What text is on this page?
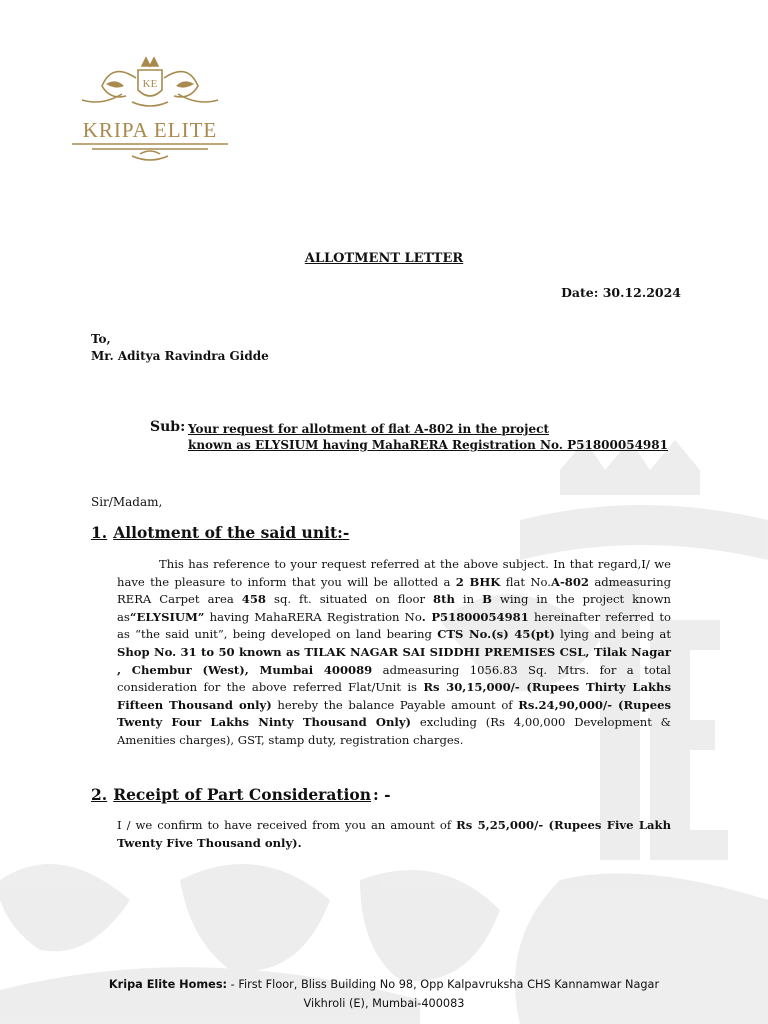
KE
KRIPA ELITE
ALLOTMENT LETTER
Date: 30.12.2024
To,
Mr. Aditya Ravindra Gidde
Sub: Your request for allotment of flat A-802 in the project
known as ELYSIUM having MahaRERA Registration No. P51800054981
Sir/Madam,
1. Allotment of the said unit:-
This has reference to your request referred at the above subject. In that regard,I/ we have the pleasure to inform that you will be allotted a 2 BHK flat No.A-802 admeasuring RERA Carpet area 458 sq. ft. situated on floor 8th in B wing in the project known as“ELYSIUM” having MahaRERA Registration No. P51800054981 hereinafter referred to as “the said unit”, being developed on land bearing CTS No.(s) 45(pt) lying and being at Shop No. 31 to 50 known as TILAK NAGAR SAI SIDDHI PREMISES CSL, Tilak Nagar , Chembur (West), Mumbai 400089 admeasuring 1056.83 Sq. Mtrs. for a total consideration for the above referred Flat/Unit is Rs 30,15,000/- (Rupees Thirty Lakhs Fifteen Thousand only) hereby the balance Payable amount of Rs.24,90,000/- (Rupees Twenty Four Lakhs Ninty Thousand Only) excluding (Rs 4,00,000 Development & Amenities charges), GST, stamp duty, registration charges.
2. Receipt of Part Consideration : -
I / we confirm to have received from you an amount of Rs 5,25,000/- (Rupees Five Lakh Twenty Five Thousand only).
Kripa Elite Homes: - First Floor, Bliss Building No 98, Opp Kalpavruksha CHS Kannamwar Nagar
Vikhroli (E), Mumbai-400083
